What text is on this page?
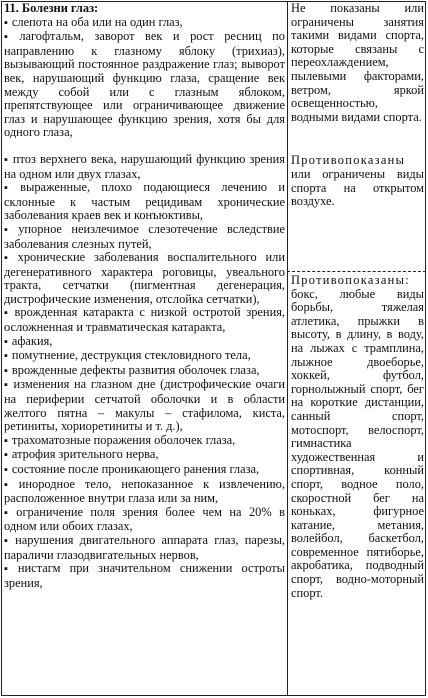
11. Болезни глаз:

▪ слепота на оба или на один глаз,

▪ лагофтальм, заворот век и рост ресниц по направлению к глазному яблоку (трихиаз), вызывающий постоянное раздражение глаз; выворот век, нарушающий функцию глаза, сращение век между собой или с глазным яблоком, препятствующее или ограничивающее движение глаз и нарушающее функцию зрения, хотя бы для одного глаза,

▪ птоз верхнего века, нарушающий функцию зрения на одном или двух глазах,

▪ выраженные, плохо подающиеся лечению и склонные к частым рецидивам хронические заболевания краев век и конъюктивы,

▪ упорное неизлечимое слезотечение вследствие заболевания слезных путей,

▪ хронические заболевания воспалительного или дегенеративного характера роговицы, увеального тракта, сетчатки (пигментная дегенерация, дистрофические изменения, отслойка сетчатки),

▪ врожденная катаракта с низкой остротой зрения, осложненная и травматическая катаракта,

▪ афакия,

▪ помутнение, деструкция стекловидного тела,

▪ врожденные дефекты развития оболочек глаза,

▪ изменения на глазном дне (дистрофические очаги на периферии сетчатой оболочки и в области желтого пятна – макулы – стафилома, киста, ретиниты, хориоретиниты и т. д.),

▪ трахоматозные поражения оболочек глаза,

▪ атрофия зрительного нерва,

▪ состояние после проникающего ранения глаза,

▪ инородное тело, непоказанное к извлечению, расположенное внутри глаза или за ним,

▪ ограничение поля зрения более чем на 20% в одном или обоих глазах,

▪ нарушения двигательного аппарата глаз, парезы, параличи глазодвигательных нервов,

▪ нистагм при значительном снижении остроты зрения,

Не показаны или ограничены занятия такими видами спорта, которые связаны с переохлаждением, пылевыми факторами, ветром, яркой освещенностью, водными видами спорта.

Противопоказаны или ограничены виды спорта на открытом воздухе.

Противопоказаны: бокс, любые виды борьбы, тяжелая атлетика, прыжки в высоту, в длину, в воду, на лыжах с трамплина, лыжное двоеборье, хоккей, футбол, горнолыжный спорт, бег на короткие дистанции, санный спорт, мотоспорт, велоспорт, гимнастика художественная и спортивная, конный спорт, водное поло, скоростной бег на коньках, фигурное катание, метания, волейбол, баскетбол, современное пятиборье, акробатика, подводный спорт, водно-моторный спорт.
